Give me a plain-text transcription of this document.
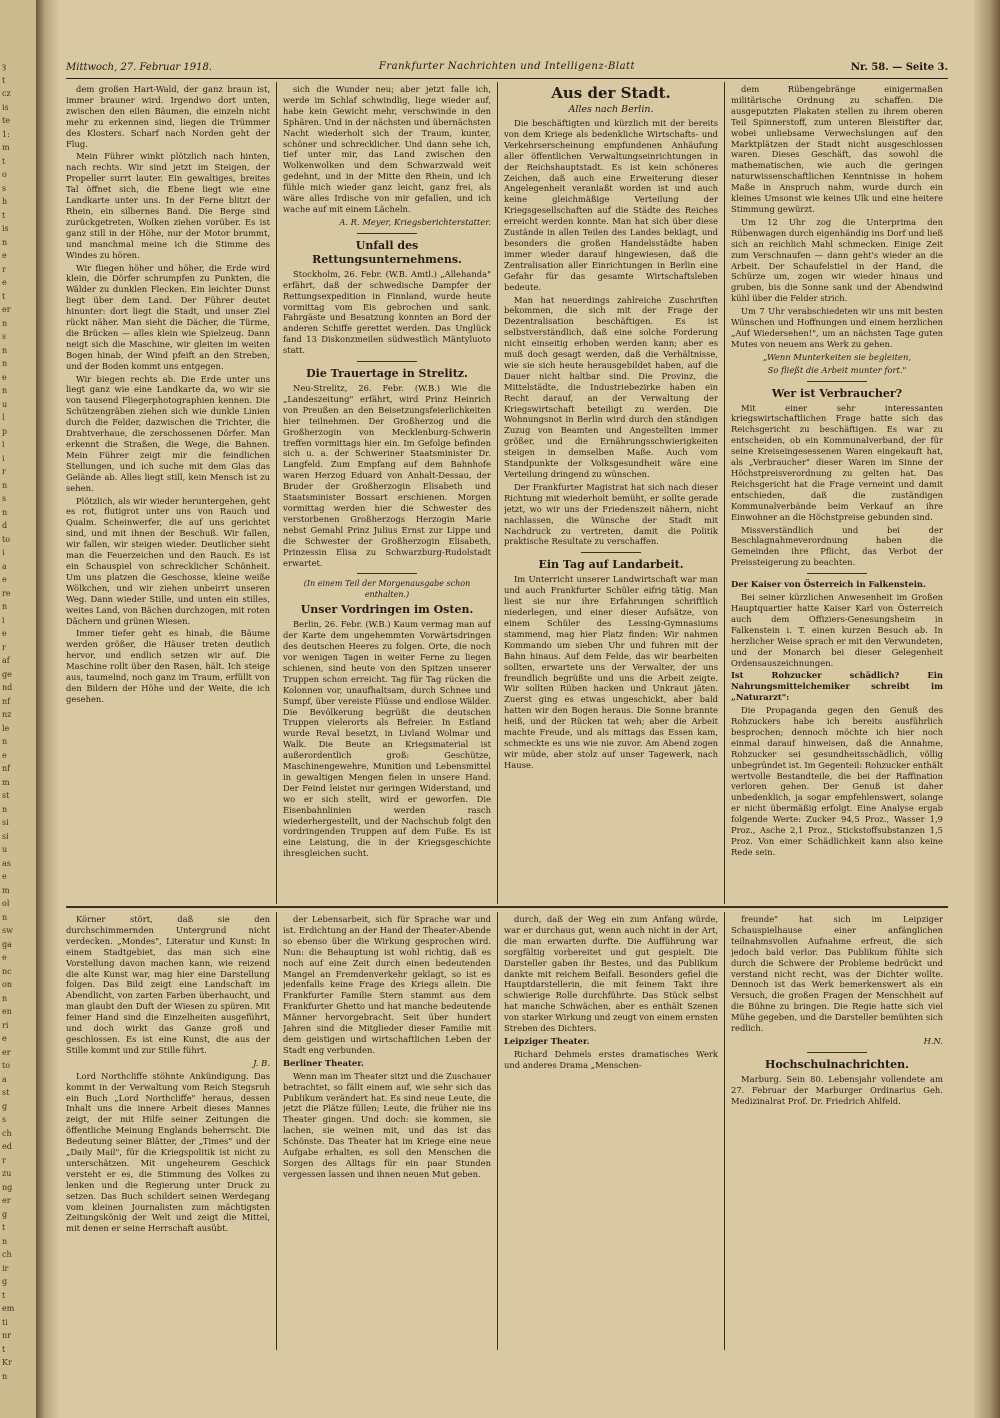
ȝ
t
cz
is
te
1:
m
t
o
s
h
t
is
n
e
r
e
t
er
n
s
n
n
e
n
u
l
p
i
i
r
n
s
n
d
to
i
a
e
re
n
i
e
r
af
ge
nd
nf
nz
le
n
e
nf
m
st
n
si
si
u
as
e
m
ol
n
sw
ga
e
nc
on
n
en
ri
e
er
to
a
st
g
s
ch
ed
r
zu
ng
er
g
t
n
ch
ir
g
t
em
ti
nr
t
Kr
n
Mittwoch, 27. Februar 1918.	Frankfurter Nachrichten und Intelligenz-Blatt	Nr. 58. — Seite 3.

dem großen Hart-Wald, der ganz braun ist, immer brauner wird. Irgendwo dort unten, zwischen den eilen Bäumen, die einzeln nicht mehr zu erkennen sind, liegen die Trümmer des Klosters. Scharf nach Norden geht der Flug.

Mein Führer winkt plötzlich nach hinten, nach rechts. Wir sind jetzt im Steigen, der Propeller surrt lauter. Ein gewaltiges, breites Tal öffnet sich, die Ebene liegt wie eine Landkarte unter uns. In der Ferne blitzt der Rhein, ein silbernes Band. Die Berge sind zurückgetreten, Wolken ziehen vorüber. Es ist ganz still in der Höhe, nur der Motor brummt, und manchmal meine ich die Stimme des Windes zu hören.

Wir fliegen höher und höher, die Erde wird klein, die Dörfer schrumpfen zu Punkten, die Wälder zu dunklen Flecken. Ein leichter Dunst liegt über dem Land. Der Führer deutet hinunter: dort liegt die Stadt, und unser Ziel rückt näher. Man sieht die Dächer, die Türme, die Brücken — alles klein wie Spielzeug. Dann neigt sich die Maschine, wir gleiten im weiten Bogen hinab, der Wind pfeift an den Streben, und der Boden kommt uns entgegen.

Wir biegen rechts ab. Die Erde unter uns liegt ganz wie eine Landkarte da, wo wir sie von tausend Fliegerphotographien kennen. Die Schützengräben ziehen sich wie dunkle Linien durch die Felder, dazwischen die Trichter, die Drahtverhaue, die zerschossenen Dörfer. Man erkennt die Straßen, die Wege, die Bahnen. Mein Führer zeigt mir die feindlichen Stellungen, und ich suche mit dem Glas das Gelände ab. Alles liegt still, kein Mensch ist zu sehen.

Plötzlich, als wir wieder heruntergehen, geht es rot, flutigrot unter uns von Rauch und Qualm. Scheinwerfer, die auf uns gerichtet sind, und mit ihnen der Beschuß. Wir fallen, wir fallen, wir steigen wieder. Deutlicher sieht man die Feuerzeichen und den Rauch. Es ist ein Schauspiel von schrecklicher Schönheit. Um uns platzen die Geschosse, kleine weiße Wölkchen, und wir ziehen unbeirrt unseren Weg. Dann wieder Stille, und unten ein stilles, weites Land, von Bächen durchzogen, mit roten Dächern und grünen Wiesen.

Immer tiefer geht es hinab, die Bäume werden größer, die Häuser treten deutlich hervor, und endlich setzen wir auf. Die Maschine rollt über den Rasen, hält. Ich steige aus, taumelnd, noch ganz im Traum, erfüllt von den Bildern der Höhe und der Weite, die ich gesehen.

sich die Wunder neu; aber jetzt falle ich, werde im Schlaf schwindlig, liege wieder auf, habe kein Gewicht mehr, verschwinde in den Sphären. Und in der nächsten und übernächsten Nacht wiederholt sich der Traum, kunter, schöner und schrecklicher. Und dann sehe ich, tief unter mir, das Land zwischen den Wolkenwolken und dem Schwarzwald weit gedehnt, und in der Mitte den Rhein, und ich fühle mich wieder ganz leicht, ganz frei, als wäre alles Irdische von mir gefallen, und ich wache auf mit einem Lächeln.

A. R. Meyer, Kriegsberichterstatter.

Unfall des Rettungsunternehmens.

Stockholm, 26. Febr. (W.B. Amtl.) „Allehanda" erfährt, daß der schwedische Dampfer der Rettungsexpedition in Finnland, wurde heute vormittag vom Eis gebrochen und sank. Fahrgäste und Besatzung konnten an Bord der anderen Schiffe gerettet werden. Das Unglück fand 13 Diskonzmeilen südwestlich Mäntyluoto statt.

Die Trauertage in Strelitz.

Neu-Strelitz, 26. Febr. (W.B.) Wie die „Landeszeitung" erfährt, wird Prinz Heinrich von Preußen an den Beisetzungsfeierlichkeiten hier teilnehmen. Der Großherzog und die Großherzogin von Mecklenburg-Schwerin treffen vormittags hier ein. Im Gefolge befinden sich u. a. der Schweriner Staatsminister Dr. Langfeld. Zum Empfang auf dem Bahnhofe waren Herzog Eduard von Anhalt-Dessau, der Bruder der Großherzogin Elisabeth und Staatsminister Bossart erschienen. Morgen vormittag werden hier die Schwester des verstorbenen Großherzogs Herzogin Marie nebst Gemahl Prinz Julius Ernst zur Lippe und die Schwester der Großherzogin Elisabeth, Prinzessin Elisa zu Schwarzburg-Rudolstadt erwartet.

(In einem Teil der Morgenausgabe schon enthalten.)

Unser Vordringen im Osten.

Berlin, 26. Febr. (W.B.) Kaum vermag man auf der Karte dem ungehemmten Vorwärtsdringen des deutschen Heeres zu folgen. Orte, die noch vor wenigen Tagen in weiter Ferne zu liegen schienen, sind heute von den Spitzen unserer Truppen schon erreicht. Tag für Tag rücken die Kolonnen vor, unaufhaltsam, durch Schnee und Sumpf, über vereiste Flüsse und endlose Wälder. Die Bevölkerung begrüßt die deutschen Truppen vielerorts als Befreier. In Estland wurde Reval besetzt, in Livland Wolmar und Walk. Die Beute an Kriegsmaterial ist außerordentlich groß: Geschütze, Maschinengewehre, Munition und Lebensmittel in gewaltigen Mengen fielen in unsere Hand. Der Feind leistet nur geringen Widerstand, und wo er sich stellt, wird er geworfen. Die Eisenbahnlinien werden rasch wiederhergestellt, und der Nachschub folgt den vordringenden Truppen auf dem Fuße. Es ist eine Leistung, die in der Kriegsgeschichte ihresgleichen sucht.

Aus der Stadt.

Alles nach Berlin.

Die beschäftigten und kürzlich mit der bereits von dem Kriege als bedenkliche Wirtschafts- und Verkehrserscheinung empfundenen Anhäufung aller öffentlichen Verwaltungseinrichtungen in der Reichshauptstadt. Es ist kein schöneres Zeichen, daß auch eine Erweiterung dieser Angelegenheit veranlaßt worden ist und auch keine gleichmäßige Verteilung der Kriegsgesellschaften auf die Städte des Reiches erreicht werden konnte. Man hat sich über diese Zustände in allen Teilen des Landes beklagt, und besonders die großen Handelsstädte haben immer wieder darauf hingewiesen, daß die Zentralisation aller Einrichtungen in Berlin eine Gefahr für das gesamte Wirtschaftsleben bedeute.

Man hat neuerdings zahlreiche Zuschriften bekommen, die sich mit der Frage der Dezentralisation beschäftigen. Es ist selbstverständlich, daß eine solche Forderung nicht einseitig erhoben werden kann; aber es muß doch gesagt werden, daß die Verhältnisse, wie sie sich heute herausgebildet haben, auf die Dauer nicht haltbar sind. Die Provinz, die Mittelstädte, die Industriebezirke haben ein Recht darauf, an der Verwaltung der Kriegswirtschaft beteiligt zu werden. Die Wohnungsnot in Berlin wird durch den ständigen Zuzug von Beamten und Angestellten immer größer, und die Ernährungsschwierigkeiten steigen in demselben Maße. Auch vom Standpunkte der Volksgesundheit wäre eine Verteilung dringend zu wünschen.

Der Frankfurter Magistrat hat sich nach dieser Richtung mit wiederholt bemüht, er sollte gerade jetzt, wo wir uns der Friedenszeit nähern, nicht nachlassen, die Wünsche der Stadt mit Nachdruck zu vertreten, damit die Politik praktische Resultate zu verschaffen.

Ein Tag auf Landarbeit.

Im Unterricht unserer Landwirtschaft war man und auch Frankfurter Schüler eifrig tätig. Man liest sie nur ihre Erfahrungen schriftlich niederlegen, und einer dieser Aufsätze, von einem Schüler des Lessing-Gymnasiums stammend, mag hier Platz finden: Wir nahmen Kommando um sieben Uhr und fuhren mit der Bahn hinaus. Auf dem Felde, das wir bearbeiten sollten, erwartete uns der Verwalter, der uns freundlich begrüßte und uns die Arbeit zeigte. Wir sollten Rüben hacken und Unkraut jäten. Zuerst ging es etwas ungeschickt, aber bald hatten wir den Bogen heraus. Die Sonne brannte heiß, und der Rücken tat weh; aber die Arbeit machte Freude, und als mittags das Essen kam, schmeckte es uns wie nie zuvor. Am Abend zogen wir müde, aber stolz auf unser Tagewerk, nach Hause.

dem Rübengebränge einigermaßen militärische Ordnung zu schaffen. Die ausgeputzten Plakaten stellen zu ihrem oberen Teil Spinnerstoff, zum unteren Bleistifter dar, wobei unliebsame Verwechslungen auf den Marktplätzen der Stadt nicht ausgeschlossen waren. Dieses Geschäft, das sowohl die mathematischen, wie auch die geringen naturwissenschaftlichen Kenntnisse in hohem Maße in Anspruch nahm, wurde durch ein kleines Umsonst wie keines Ulk und eine heitere Stimmung gewürzt.

Um 12 Uhr zog die Unterprima den Rübenwagen durch eigenhändig ins Dorf und ließ sich an reichlich Mahl schmecken. Einige Zeit zum Verschnaufen — dann geht's wieder an die Arbeit. Der Schaufelstiel in der Hand, die Schürze um, zogen wir wieder hinaus und gruben, bis die Sonne sank und der Abendwind kühl über die Felder strich.

Um 7 Uhr verabschiedeten wir uns mit besten Wünschen und Hoffnungen und einem herzlichen „Auf Wiedersehen!", um an nächsten Tage guten Mutes von neuem ans Werk zu gehen.

„Wenn Munterkeiten sie begleiten,

So fließt die Arbeit munter fort."

Wer ist Verbraucher?

Mit einer sehr interessanten kriegswirtschaftlichen Frage hatte sich das Reichsgericht zu beschäftigen. Es war zu entscheiden, ob ein Kommunalverband, der für seine Kreiseingesessenen Waren eingekauft hat, als „Verbraucher" dieser Waren im Sinne der Höchstpreisverordnung zu gelten hat. Das Reichsgericht hat die Frage verneint und damit entschieden, daß die zuständigen Kommunalverbände beim Verkauf an ihre Einwohner an die Höchstpreise gebunden sind.

Missverständlich und bei der Beschlagnahmeverordnung haben die Gemeinden ihre Pflicht, das Verbot der Preissteigerung zu beachten.

Der Kaiser von Österreich in Falkenstein.

Bei seiner kürzlichen Anwesenheit im Großen Hauptquartier hatte Kaiser Karl von Österreich auch dem Offiziers-Genesungsheim in Falkenstein i. T. einen kurzen Besuch ab. In herzlicher Weise sprach er mit den Verwundeten, und der Monarch bei dieser Gelegenheit Ordensauszeichnungen.

Ist Rohzucker schädlich? Ein Nahrungsmittelchemiker schreibt im „Naturarzt":

Die Propaganda gegen den Genuß des Rohzuckers habe ich bereits ausführlich besprochen; dennoch möchte ich hier noch einmal darauf hinweisen, daß die Annahme, Rohzucker sei gesundheitsschädlich, völlig unbegründet ist. Im Gegenteil: Rohzucker enthält wertvolle Bestandteile, die bei der Raffination verloren gehen. Der Genuß ist daher unbedenklich, ja sogar empfehlenswert, solange er nicht übermäßig erfolgt. Eine Analyse ergab folgende Werte: Zucker 94,5 Proz., Wasser 1,9 Proz., Asche 2,1 Proz., Stickstoffsubstanzen 1,5 Proz. Von einer Schädlichkeit kann also keine Rede sein.

Körner stört, daß sie den durchschimmernden Untergrund nicht verdecken. „Mondes", Literatur und Kunst: In einem Stadtgebiet, das man sich eine Vorstellung davon machen kann, wie reizend die alte Kunst war, mag hier eine Darstellung folgen. Das Bild zeigt eine Landschaft im Abendlicht, von zarten Farben überhaucht, und man glaubt den Duft der Wiesen zu spüren. Mit feiner Hand sind die Einzelheiten ausgeführt, und doch wirkt das Ganze groß und geschlossen. Es ist eine Kunst, die aus der Stille kommt und zur Stille führt.

J. B.

Lord Northcliffe stöhnte Ankündigung. Das kommt in der Verwaltung vom Reich Stegsruh ein Buch „Lord Northcliffe" heraus, dessen Inhalt uns die innere Arbeit dieses Mannes zeigt, der mit Hilfe seiner Zeitungen die öffentliche Meinung Englands beherrscht. Die Bedeutung seiner Blätter, der „Times" und der „Daily Mail", für die Kriegspolitik ist nicht zu unterschätzen. Mit ungeheurem Geschick versteht er es, die Stimmung des Volkes zu lenken und die Regierung unter Druck zu setzen. Das Buch schildert seinen Werdegang vom kleinen Journalisten zum mächtigsten Zeitungskönig der Welt und zeigt die Mittel, mit denen er seine Herrschaft ausübt.

der Lebensarbeit, sich für Sprache war und ist. Erdichtung an der Hand der Theater-Abende so ebenso über die Wirkung gesprochen wird. Nun: die Behauptung ist wohl richtig, daß es noch auf eine Zeit durch einen bedeutenden Mangel an Fremdenverkehr geklagt, so ist es jedenfalls keine Frage des Kriegs allein. Die Frankfurter Familie Stern stammt aus dem Frankfurter Ghetto und hat manche bedeutende Männer hervorgebracht. Seit über hundert Jahren sind die Mitglieder dieser Familie mit dem geistigen und wirtschaftlichen Leben der Stadt eng verbunden.

Berliner Theater.

Wenn man im Theater sitzt und die Zuschauer betrachtet, so fällt einem auf, wie sehr sich das Publikum verändert hat. Es sind neue Leute, die jetzt die Plätze füllen; Leute, die früher nie ins Theater gingen. Und doch: sie kommen, sie lachen, sie weinen mit, und das ist das Schönste. Das Theater hat im Kriege eine neue Aufgabe erhalten, es soll den Menschen die Sorgen des Alltags für ein paar Stunden vergessen lassen und ihnen neuen Mut geben.

durch, daß der Weg ein zum Anfang würde, war er durchaus gut, wenn auch nicht in der Art, die man erwarten durfte. Die Aufführung war sorgfältig vorbereitet und gut gespielt. Die Darsteller gaben ihr Bestes, und das Publikum dankte mit reichem Beifall. Besonders gefiel die Hauptdarstellerin, die mit feinem Takt ihre schwierige Rolle durchführte. Das Stück selbst hat manche Schwächen, aber es enthält Szenen von starker Wirkung und zeugt von einem ernsten Streben des Dichters.

Leipziger Theater.

Richard Dehmels erstes dramatisches Werk und anderes Drama „Menschen-

freunde" hat sich im Leipziger Schauspielhause einer anfänglichen teilnahmsvollen Aufnahme erfreut, die sich jedoch bald verlor. Das Publikum fühlte sich durch die Schwere der Probleme bedrückt und verstand nicht recht, was der Dichter wollte. Dennoch ist das Werk bemerkenswert als ein Versuch, die großen Fragen der Menschheit auf die Bühne zu bringen. Die Regie hatte sich viel Mühe gegeben, und die Darsteller bemühten sich redlich.

H.N.

Hochschulnachrichten.

Marburg. Sein 80. Lebensjahr vollendete am 27. Februar der Marburger Ordinarius Geh. Medizinalrat Prof. Dr. Friedrich Ahlfeld.
